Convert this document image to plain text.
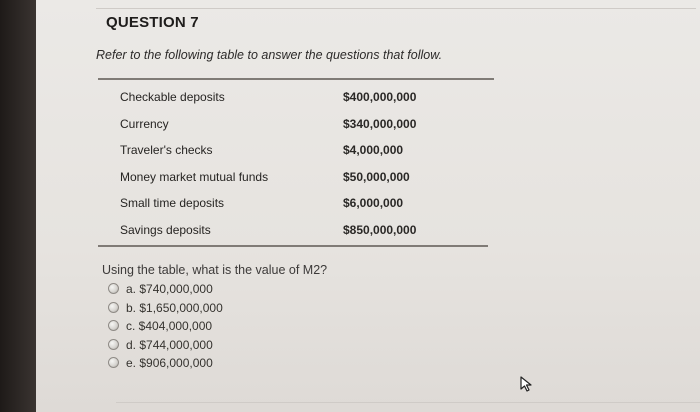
QUESTION 7
Refer to the following table to answer the questions that follow.
Checkable deposits	$400,000,000
Currency	$340,000,000
Traveler's checks	$4,000,000
Money market mutual funds	$50,000,000
Small time deposits	$6,000,000
Savings deposits	$850,000,000
Using the table, what is the value of M2?
a. $740,000,000
b. $1,650,000,000
c. $404,000,000
d. $744,000,000
e. $906,000,000
